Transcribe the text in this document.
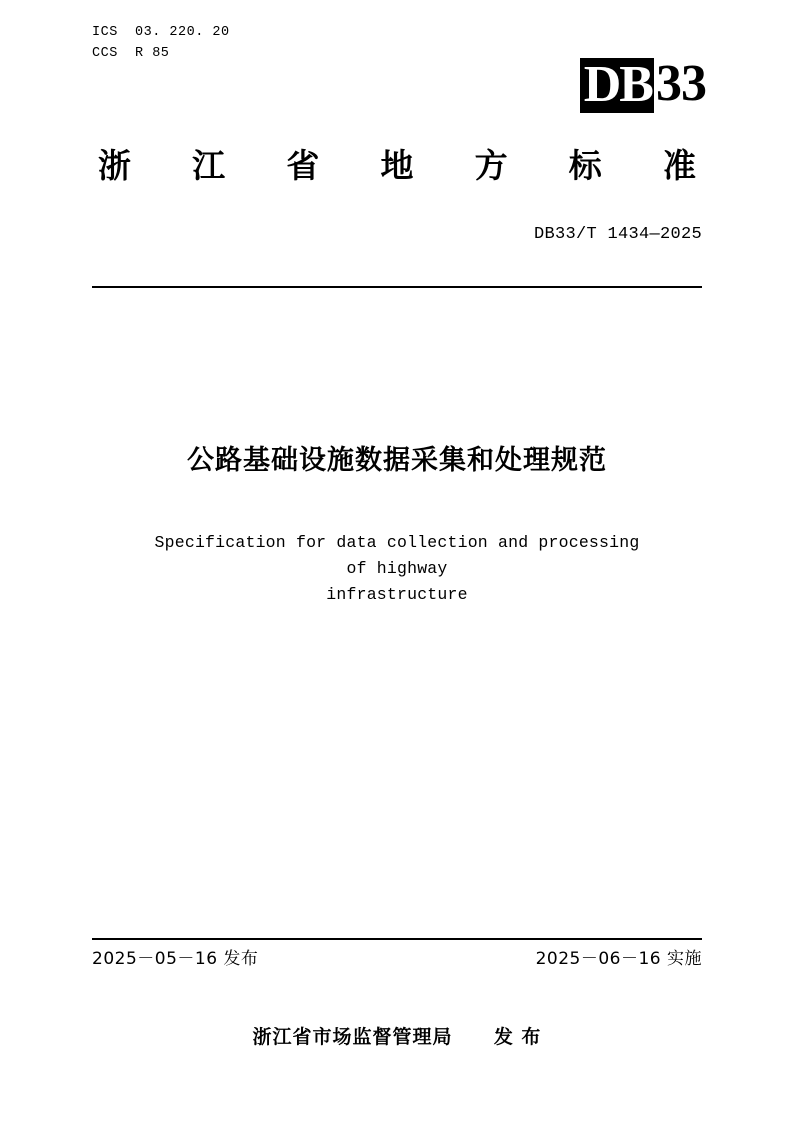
ICS  03. 220. 20
CCS  R 85
DB 33
浙 江 省 地 方 标 准
DB33/T 1434—2025
公路基础设施数据采集和处理规范
Specification for data collection and processing of highway
infrastructure
2025－05－16 发布	2025－06－16 实施
浙江省市场监督管理局 发 布
